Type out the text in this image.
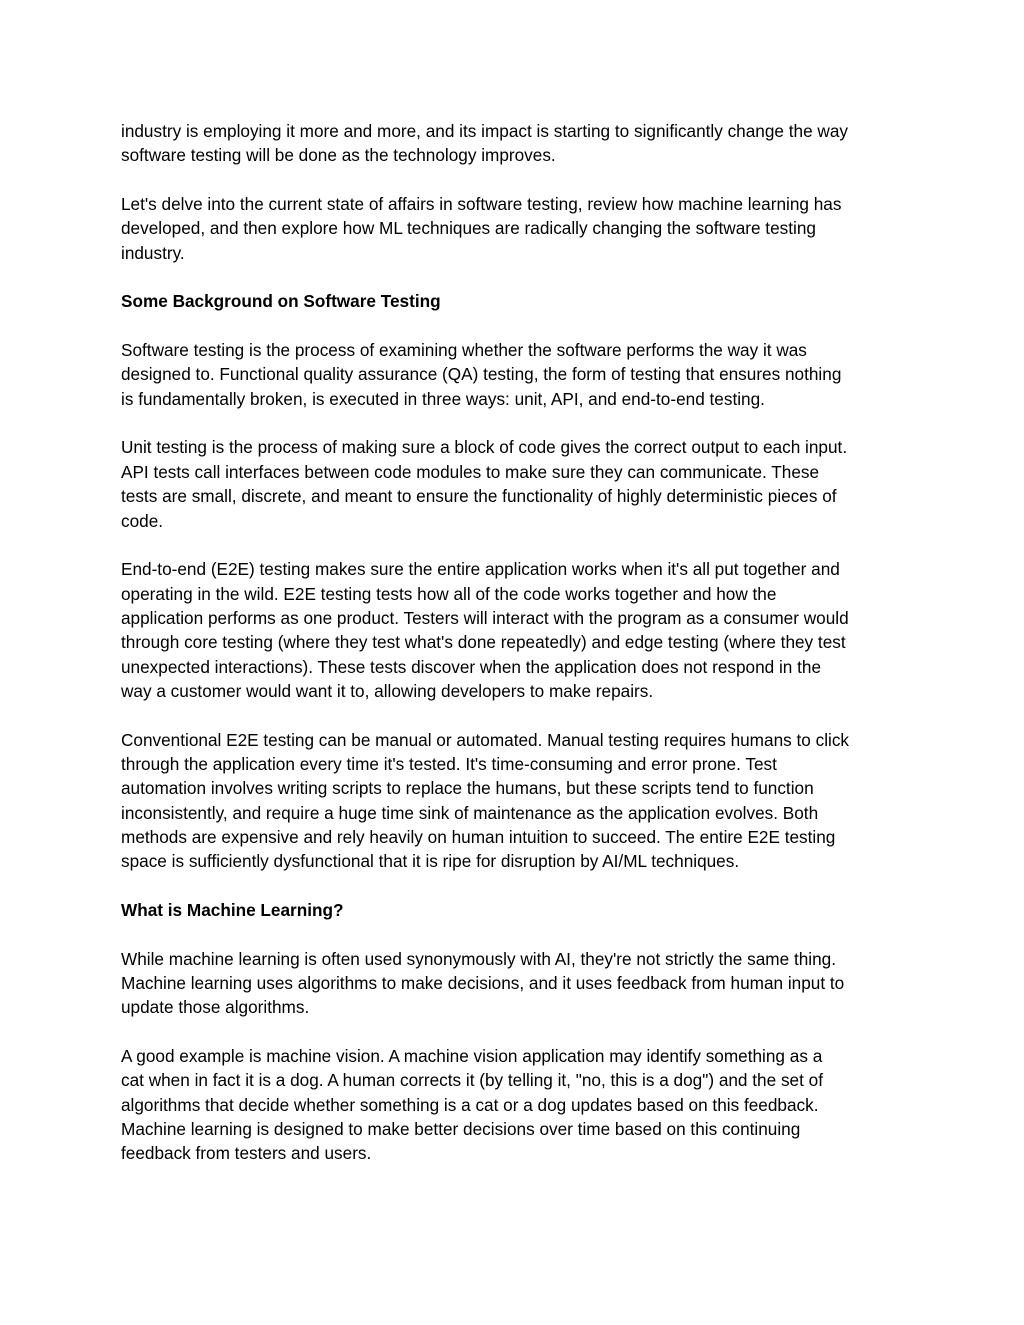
industry is employing it more and more, and its impact is starting to significantly change the way
software testing will be done as the technology improves.
Let's delve into the current state of affairs in software testing, review how machine learning has
developed, and then explore how ML techniques are radically changing the software testing
industry.
Some Background on Software Testing
Software testing is the process of examining whether the software performs the way it was
designed to. Functional quality assurance (QA) testing, the form of testing that ensures nothing
is fundamentally broken, is executed in three ways: unit, API, and end-to-end testing.
Unit testing is the process of making sure a block of code gives the correct output to each input.
API tests call interfaces between code modules to make sure they can communicate. These
tests are small, discrete, and meant to ensure the functionality of highly deterministic pieces of
code.
End-to-end (E2E) testing makes sure the entire application works when it's all put together and
operating in the wild. E2E testing tests how all of the code works together and how the
application performs as one product. Testers will interact with the program as a consumer would
through core testing (where they test what's done repeatedly) and edge testing (where they test
unexpected interactions). These tests discover when the application does not respond in the
way a customer would want it to, allowing developers to make repairs.
Conventional E2E testing can be manual or automated. Manual testing requires humans to click
through the application every time it's tested. It's time-consuming and error prone. Test
automation involves writing scripts to replace the humans, but these scripts tend to function
inconsistently, and require a huge time sink of maintenance as the application evolves. Both
methods are expensive and rely heavily on human intuition to succeed. The entire E2E testing
space is sufficiently dysfunctional that it is ripe for disruption by AI/ML techniques.
What is Machine Learning?
While machine learning is often used synonymously with AI, they're not strictly the same thing.
Machine learning uses algorithms to make decisions, and it uses feedback from human input to
update those algorithms.
A good example is machine vision. A machine vision application may identify something as a
cat when in fact it is a dog. A human corrects it (by telling it, "no, this is a dog") and the set of
algorithms that decide whether something is a cat or a dog updates based on this feedback.
Machine learning is designed to make better decisions over time based on this continuing
feedback from testers and users.
